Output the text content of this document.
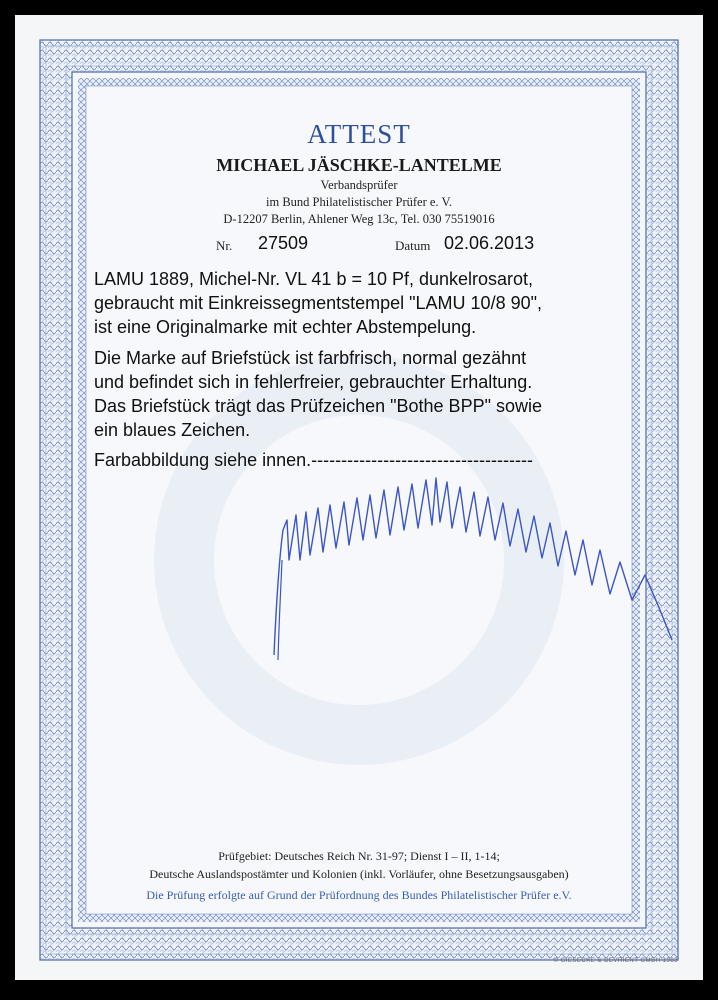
ATTEST
MICHAEL JÄSCHKE-LANTELME
Verbandsprüfer
im Bund Philatelistischer Prüfer e. V.
D-12207 Berlin, Ahlener Weg 13c, Tel. 030 75519016
Nr. 27509	Datum 02.06.2013
LAMU 1889, Michel-Nr. VL 41 b = 10 Pf, dunkelrosarot,
gebraucht mit Einkreissegmentstempel "LAMU 10/8 90",
ist eine Originalmarke mit echter Abstempelung.
Die Marke auf Briefstück ist farbfrisch, normal gezähnt
und befindet sich in fehlerfreier, gebrauchter Erhaltung.
Das Briefstück trägt das Prüfzeichen "Bothe BPP" sowie
ein blaues Zeichen.
Farbabbildung siehe innen.-------------------------------------
Prüfgebiet: Deutsches Reich Nr. 31-97; Dienst I – II, 1-14;
Deutsche Auslandspostämter und Kolonien (inkl. Vorläufer, ohne Besetzungsausgaben)
Die Prüfung erfolgte auf Grund der Prüfordnung des Bundes Philatelistischer Prüfer e.V.
© GIESECKE & DEVRIENT GMBH 1983
